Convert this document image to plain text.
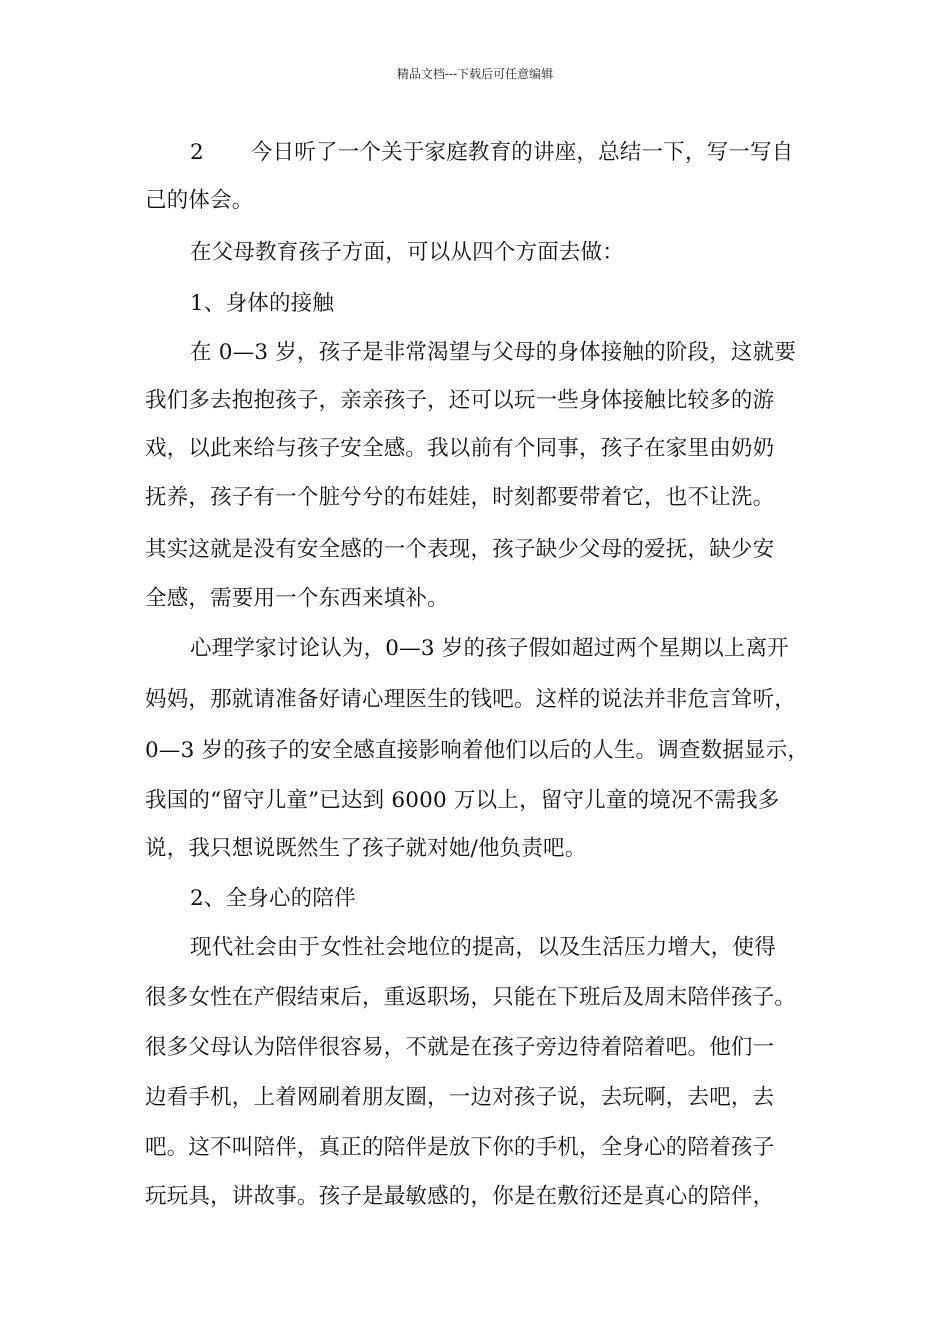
精品文档---下载后可任意编辑
2 今日听了一个关于家庭教育的讲座，总结一下，写一写自
己的体会。
在父母教育孩子方面，可以从四个方面去做：
1、身体的接触
在 0—3 岁，孩子是非常渴望与父母的身体接触的阶段，这就要
我们多去抱抱孩子，亲亲孩子，还可以玩一些身体接触比较多的游
戏，以此来给与孩子安全感。我以前有个同事，孩子在家里由奶奶
抚养，孩子有一个脏兮兮的布娃娃，时刻都要带着它，也不让洗。
其实这就是没有安全感的一个表现，孩子缺少父母的爱抚，缺少安
全感，需要用一个东西来填补。
心理学家讨论认为，0—3 岁的孩子假如超过两个星期以上离开
妈妈，那就请准备好请心理医生的钱吧。这样的说法并非危言耸听，
0—3 岁的孩子的安全感直接影响着他们以后的人生。调查数据显示，
我国的“留守儿童”已达到 6000 万以上，留守儿童的境况不需我多
说，我只想说既然生了孩子就对她/他负责吧。
2、全身心的陪伴
现代社会由于女性社会地位的提高，以及生活压力增大，使得
很多女性在产假结束后，重返职场，只能在下班后及周末陪伴孩子。
很多父母认为陪伴很容易，不就是在孩子旁边待着陪着吧。他们一
边看手机，上着网刷着朋友圈，一边对孩子说，去玩啊，去吧，去
吧。这不叫陪伴，真正的陪伴是放下你的手机，全身心的陪着孩子
玩玩具，讲故事。孩子是最敏感的，你是在敷衍还是真心的陪伴，
